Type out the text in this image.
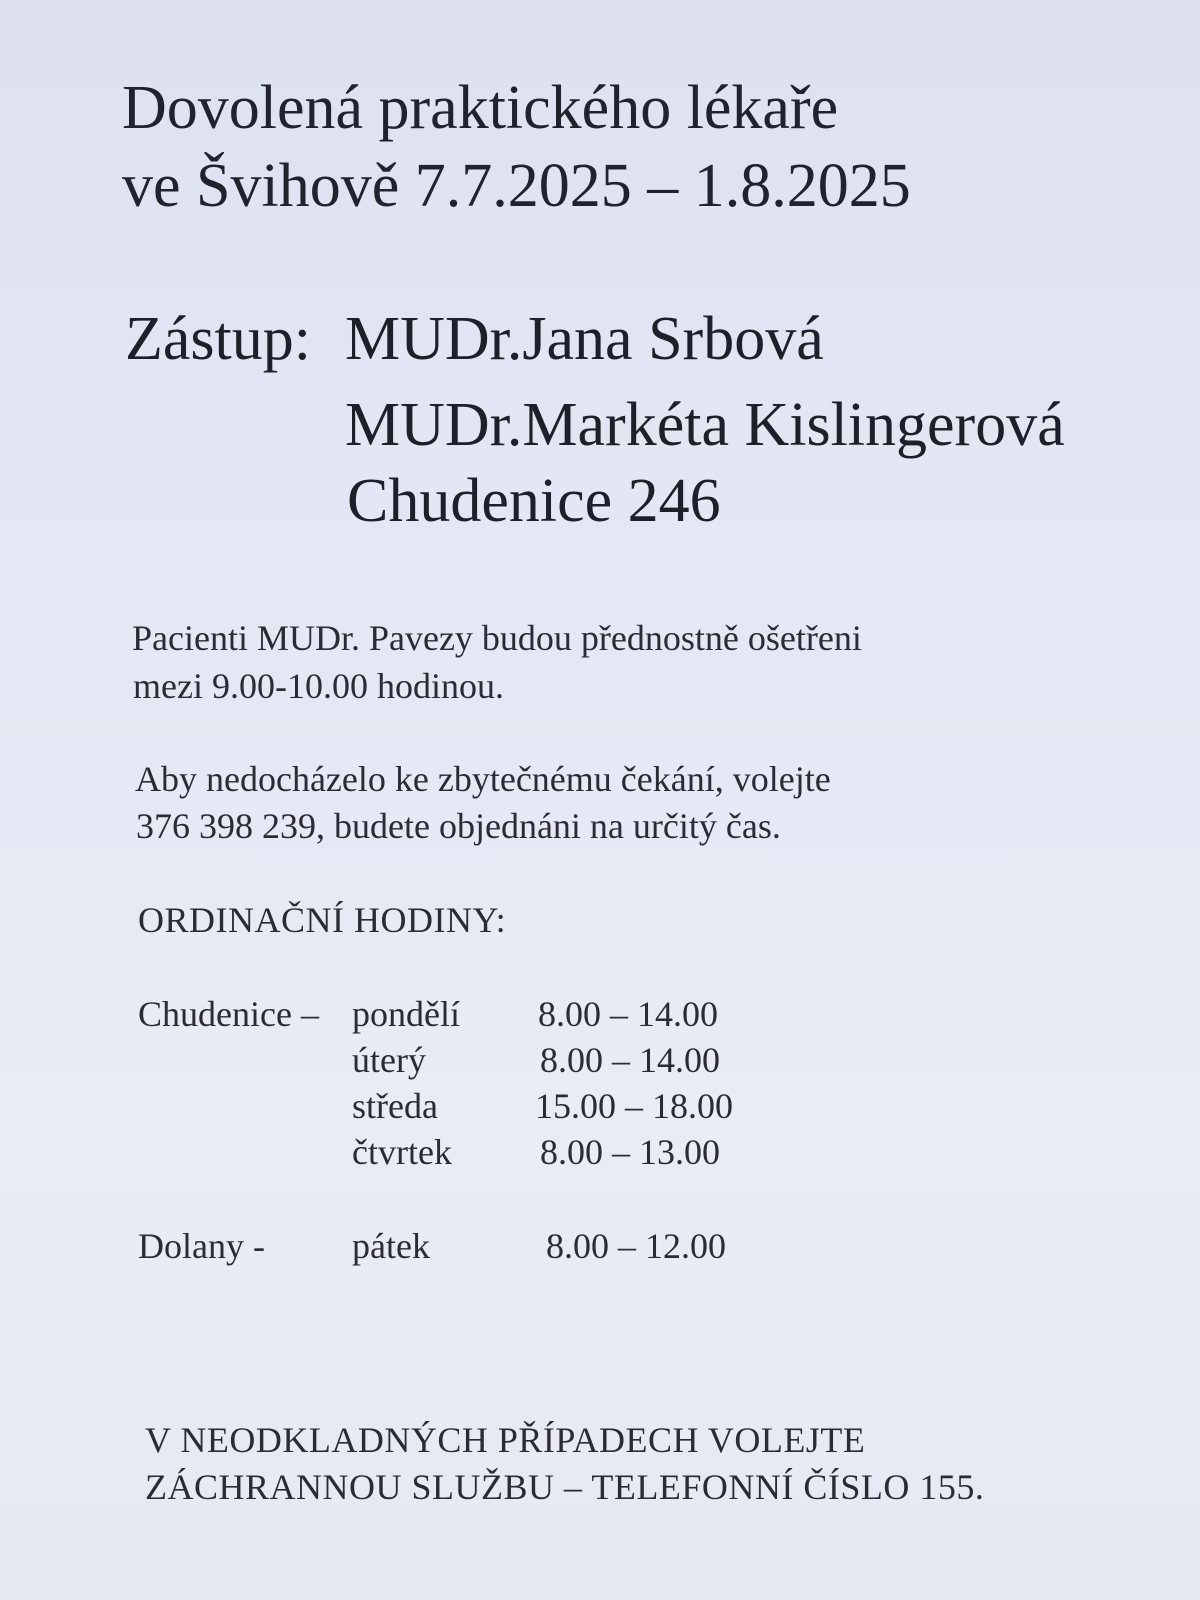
Dovolená praktického lékaře
ve Švihově 7.7.2025 – 1.8.2025
Zástup: MUDr.Jana Srbová
MUDr.Markéta Kislingerová
Chudenice 246
Pacienti MUDr. Pavezy budou přednostně ošetřeni
mezi 9.00-10.00 hodinou.
Aby nedocházelo ke zbytečnému čekání, volejte
376 398 239, budete objednáni na určitý čas.
ORDINAČNÍ HODINY:
Chudenice – pondělí 8.00 – 14.00
úterý	8.00 – 14.00
středa	15.00 – 18.00
čtvrtek 8.00 – 13.00
Dolany - pátek	8.00 – 12.00
V NEODKLADNÝCH PŘÍPADECH VOLEJTE
ZÁCHRANNOU SLUŽBU – TELEFONNÍ ČÍSLO 155.
